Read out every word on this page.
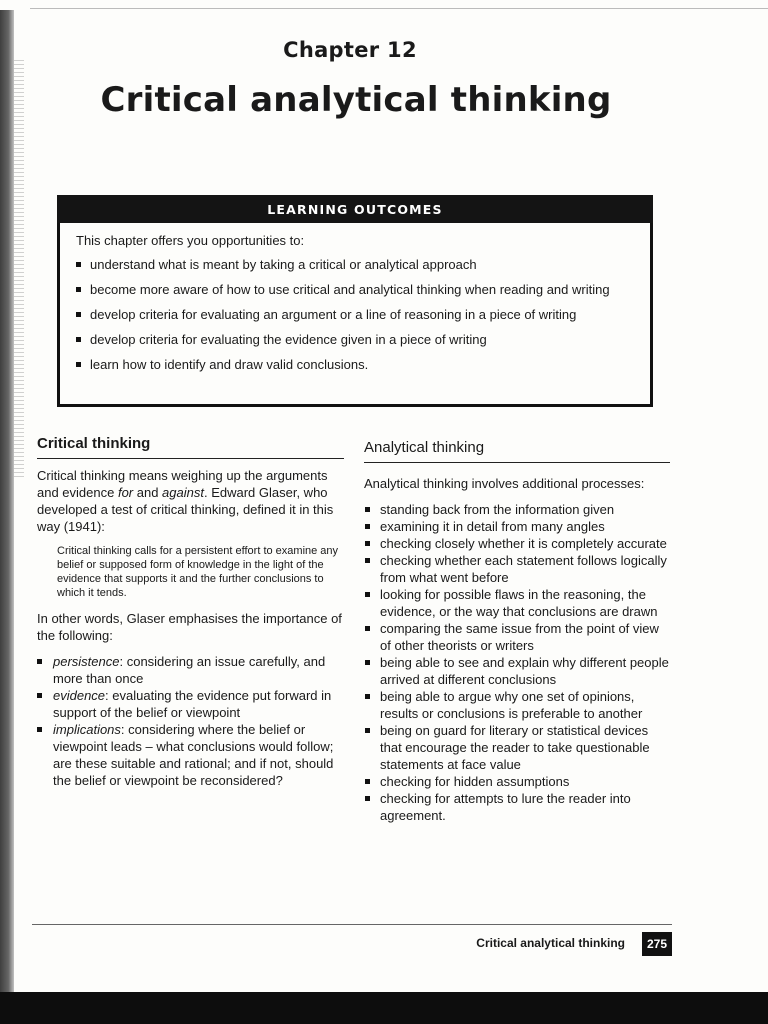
Chapter 12
Critical analytical thinking
LEARNING OUTCOMES

This chapter offers you opportunities to:

understand what is meant by taking a critical or analytical approach
become more aware of how to use critical and analytical thinking when reading and writing
develop criteria for evaluating an argument or a line of reasoning in a piece of writing
develop criteria for evaluating the evidence given in a piece of writing
learn how to identify and draw valid conclusions.
Critical thinking

Critical thinking means weighing up the arguments and evidence for and against. Edward Glaser, who developed a test of critical thinking, defined it in this way (1941):

Critical thinking calls for a persistent effort to examine any belief or supposed form of knowledge in the light of the evidence that supports it and the further conclusions to which it tends.

In other words, Glaser emphasises the importance of the following:

persistence: considering an issue carefully, and more than once
evidence: evaluating the evidence put forward in support of the belief or viewpoint
implications: considering where the belief or viewpoint leads – what conclusions would follow; are these suitable and rational; and if not, should the belief or viewpoint be reconsidered?
Analytical thinking

Analytical thinking involves additional processes:

standing back from the information given
examining it in detail from many angles
checking closely whether it is completely accurate
checking whether each statement follows logically from what went before
looking for possible flaws in the reasoning, the evidence, or the way that conclusions are drawn
comparing the same issue from the point of view of other theorists or writers
being able to see and explain why different people arrived at different conclusions
being able to argue why one set of opinions, results or conclusions is preferable to another
being on guard for literary or statistical devices that encourage the reader to take questionable statements at face value
checking for hidden assumptions
checking for attempts to lure the reader into agreement.
Critical analytical thinking	275
